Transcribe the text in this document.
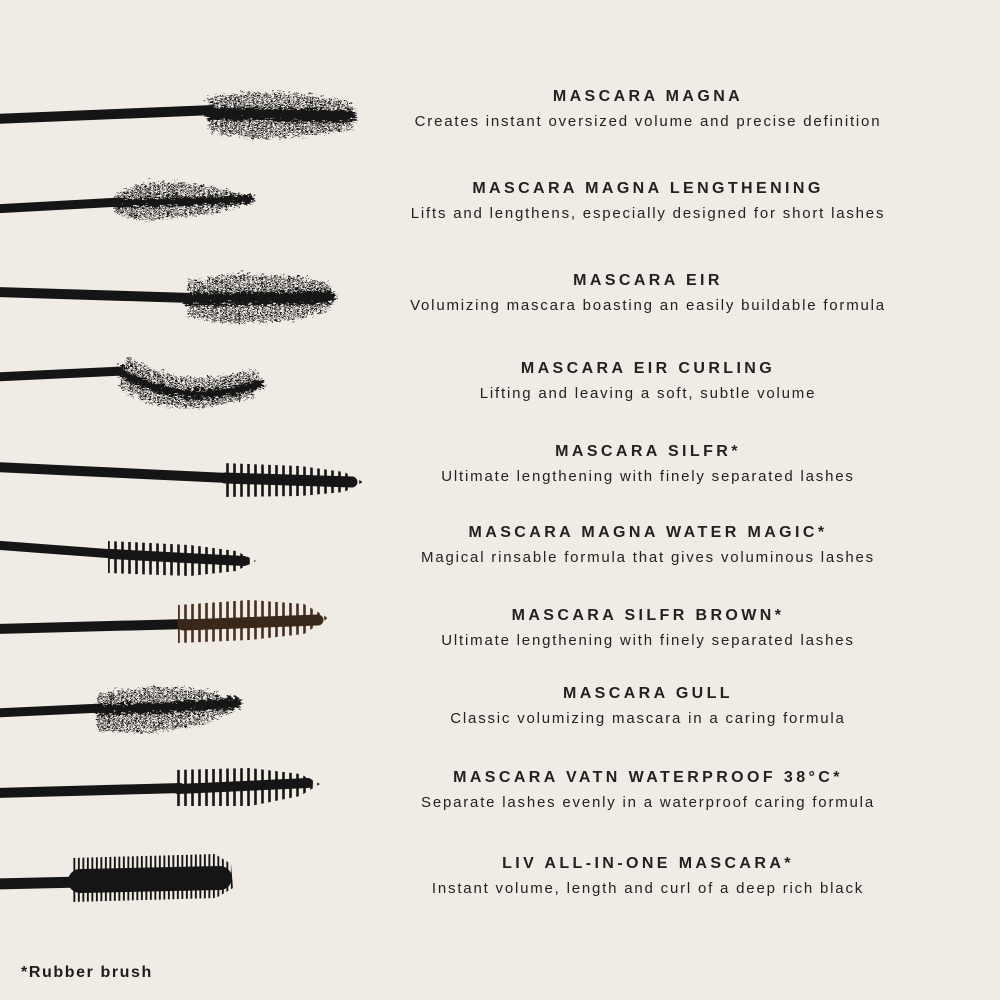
MASCARA MAGNA

Creates instant oversized volume and precise definition

MASCARA MAGNA LENGTHENING

Lifts and lengthens, especially designed for short lashes

MASCARA EIR

Volumizing mascara boasting an easily buildable formula

MASCARA EIR CURLING

Lifting and leaving a soft, subtle volume

MASCARA SILFR*

Ultimate lengthening with finely separated lashes

MASCARA MAGNA WATER MAGIC*

Magical rinsable formula that gives voluminous lashes

MASCARA SILFR BROWN*

Ultimate lengthening with finely separated lashes

MASCARA GULL

Classic volumizing mascara in a caring formula

MASCARA VATN WATERPROOF 38°C*

Separate lashes evenly in a waterproof caring formula

LIV ALL-IN-ONE MASCARA*

Instant volume, length and curl of a deep rich black

*Rubber brush
